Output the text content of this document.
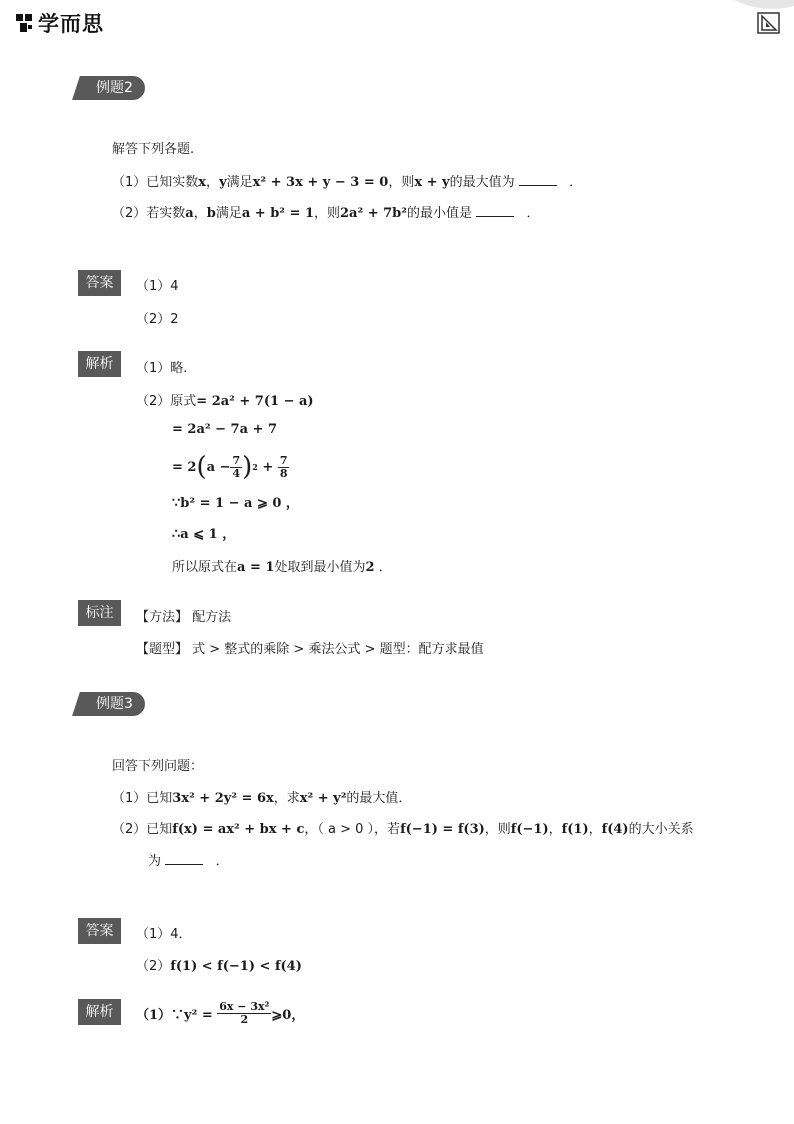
学而思
例题2
解答下列各题.
（1）已知实数x，y满足x² + 3x + y − 3 = 0，则x + y的最大值为	．
（2）若实数a，b满足a + b² = 1，则2a² + 7b²的最小值是	．
答案	（1）4
（2）2
解析	（1）略.
（2）原式= 2a² + 7(1 − a)
= 2a² − 7a + 7
= 2 ( $a - \frac{7}{4}$ ) 2
+
$\frac{7}{8}$
∵b² = 1 − a ⩾ 0 ，
∴a ⩽ 1 ，
所以原式在a = 1处取到最小值为2 ．
标注	【方法】 配方法
【题型】 式 > 整式的乘除 > 乘法公式 > 题型：配方求最值
例题3
回答下列问题：
（1）已知3x² + 2y² = 6x，求x² + y²的最大值．
（2）已知f(x) = ax² + bx + c，（ a > 0 ），若f(−1) = f(3)，则f(−1)，f(1)，f(4)的大小关系
为	．
答案	（1）4．
（2）f(1) < f(−1) < f(4)
解析	（1）∵y² =
$\frac{\text{6x − 3x²}}{2}$ ⩾0，
